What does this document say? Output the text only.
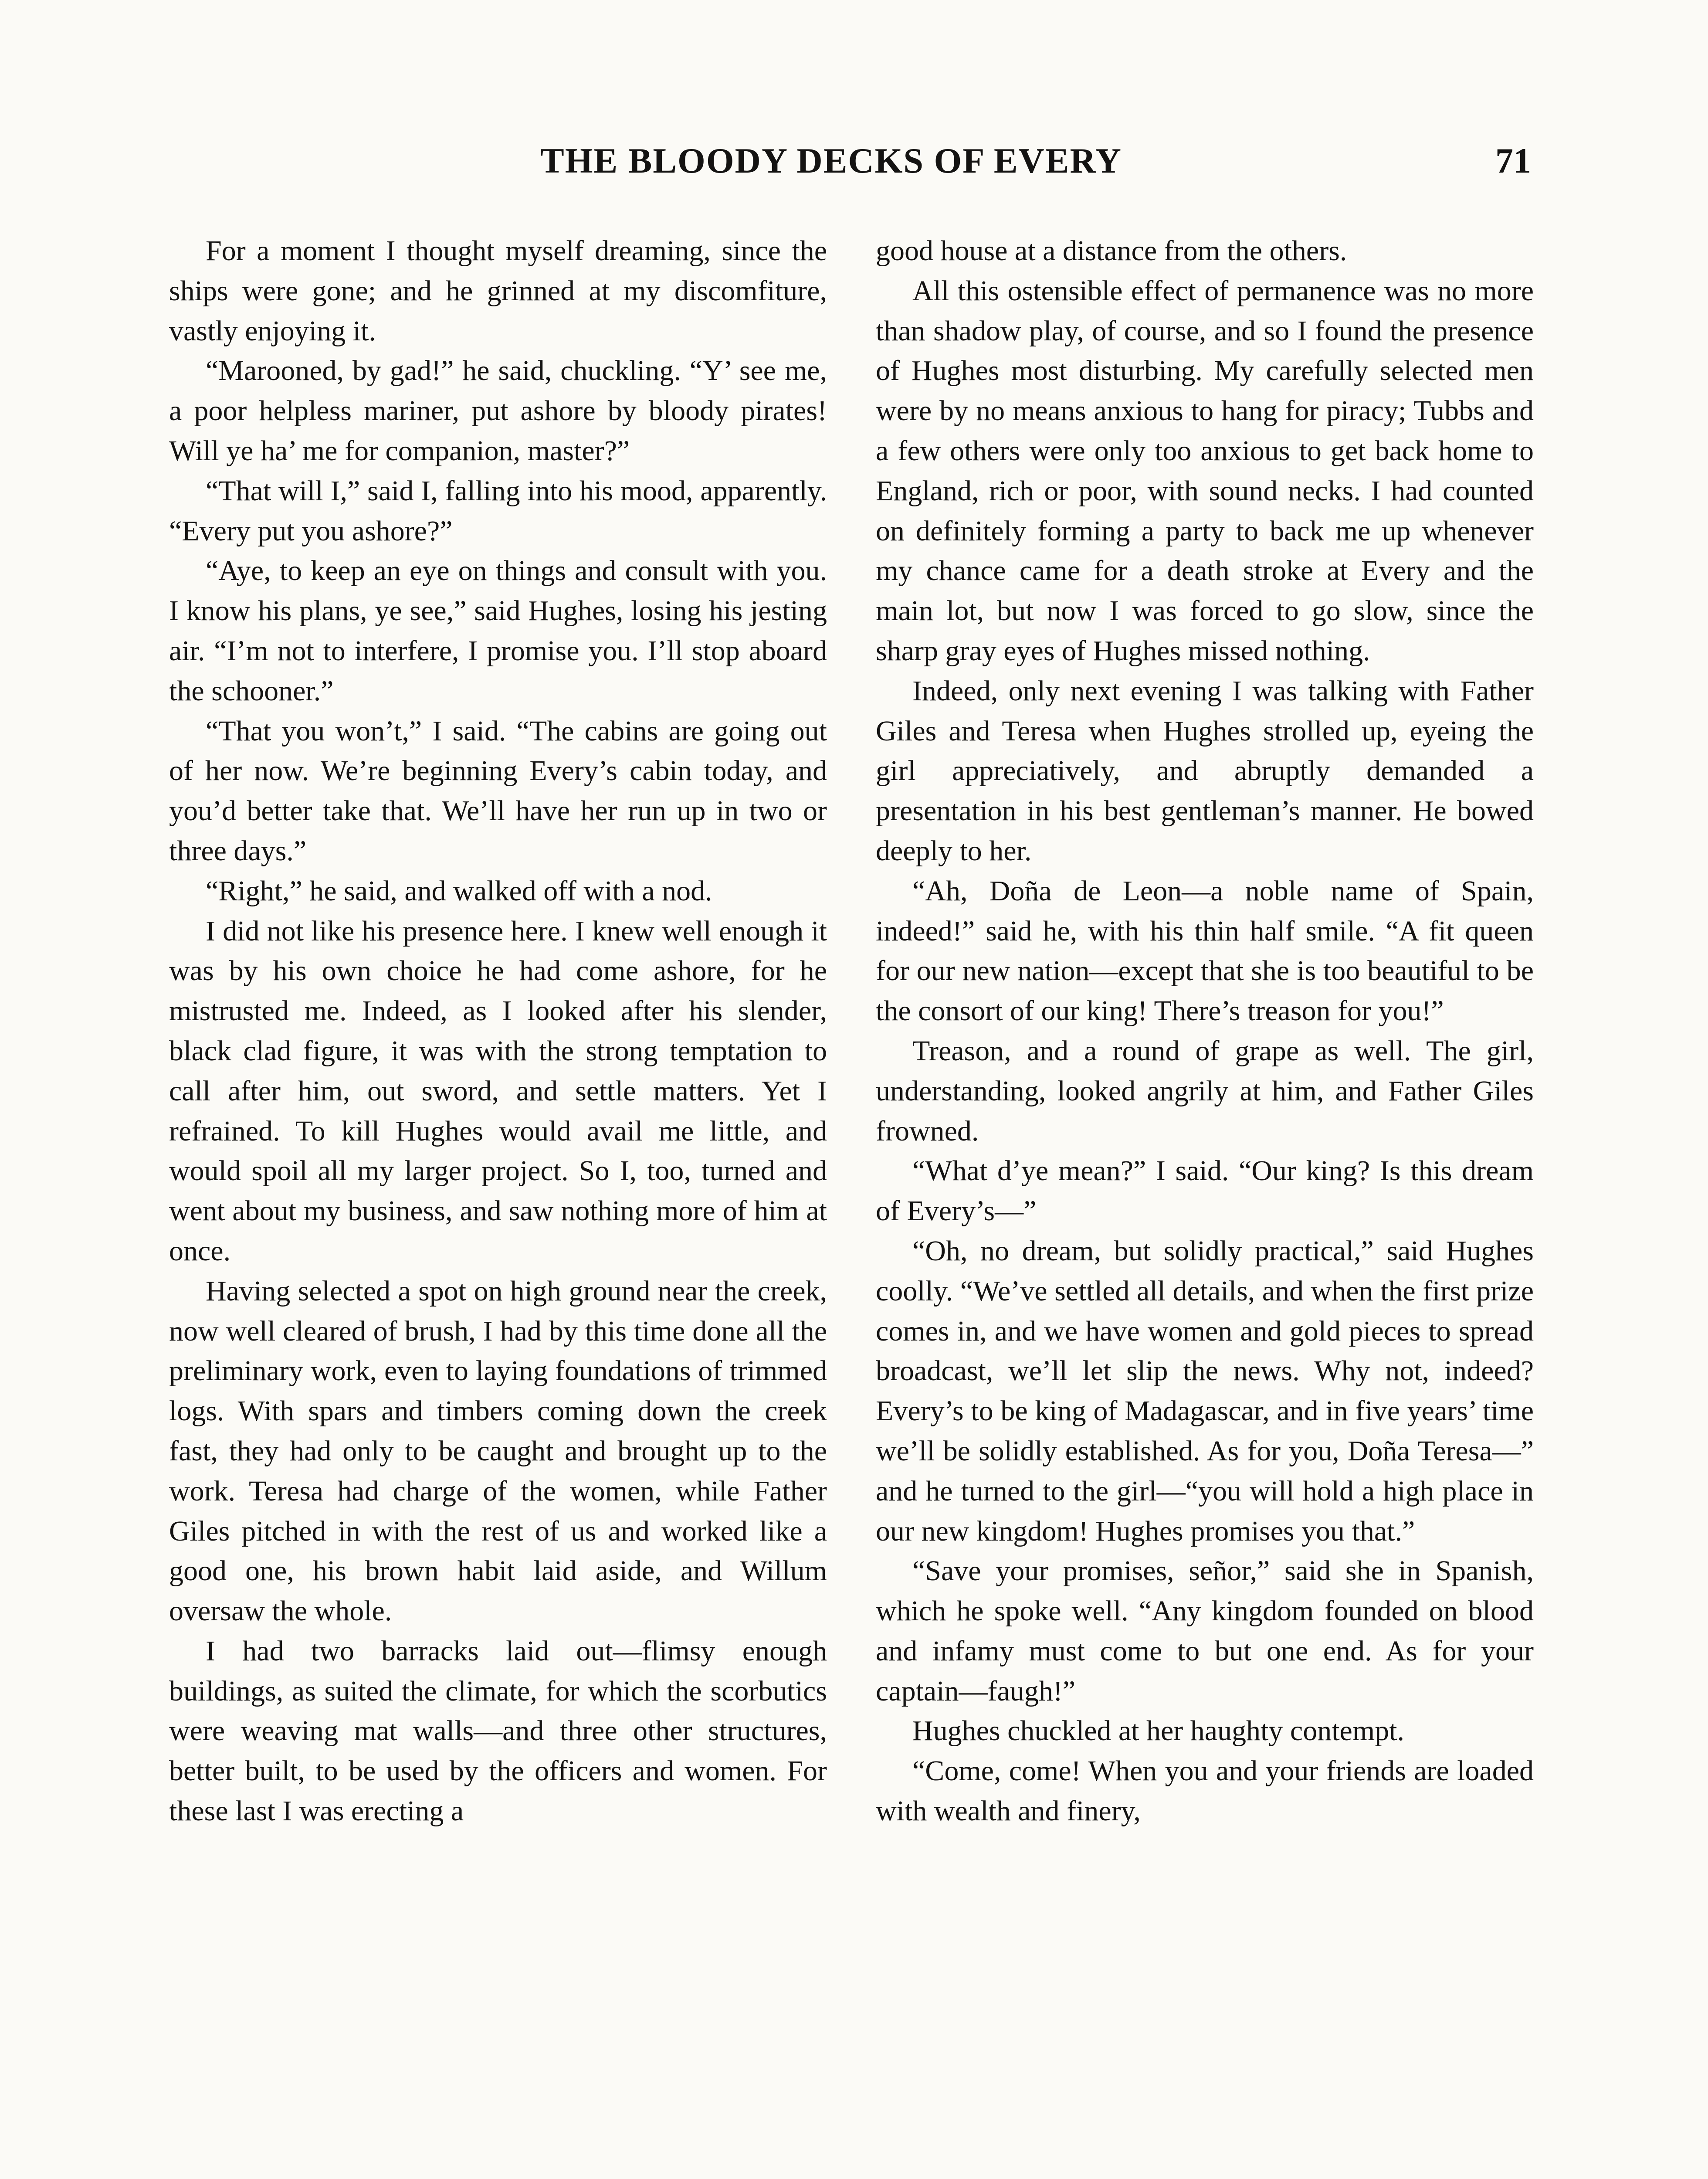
THE BLOODY DECKS OF EVERY	71

For a moment I thought myself dreaming, since the ships were gone; and he grinned at my discomfiture, vastly enjoying it.

“Marooned, by gad!” he said, chuckling. “Y’ see me, a poor helpless mariner, put ashore by bloody pirates! Will ye ha’ me for companion, master?”

“That will I,” said I, falling into his mood, apparently. “Every put you ashore?”

“Aye, to keep an eye on things and consult with you. I know his plans, ye see,” said Hughes, losing his jesting air. “I’m not to interfere, I promise you. I’ll stop aboard the schooner.”

“That you won’t,” I said. “The cabins are going out of her now. We’re beginning Every’s cabin today, and you’d better take that. We’ll have her run up in two or three days.”

“Right,” he said, and walked off with a nod.

I did not like his presence here. I knew well enough it was by his own choice he had come ashore, for he mistrusted me. Indeed, as I looked after his slender, black clad figure, it was with the strong temptation to call after him, out sword, and settle matters. Yet I refrained. To kill Hughes would avail me little, and would spoil all my larger project. So I, too, turned and went about my business, and saw nothing more of him at once.

Having selected a spot on high ground near the creek, now well cleared of brush, I had by this time done all the preliminary work, even to laying foundations of trimmed logs. With spars and timbers coming down the creek fast, they had only to be caught and brought up to the work. Teresa had charge of the women, while Father Giles pitched in with the rest of us and worked like a good one, his brown habit laid aside, and Willum oversaw the whole.

I had two barracks laid out—flimsy enough buildings, as suited the climate, for which the scorbutics were weaving mat walls—and three other structures, better built, to be used by the officers and women. For these last I was erecting a

good house at a distance from the others.

All this ostensible effect of permanence was no more than shadow play, of course, and so I found the presence of Hughes most disturbing. My carefully selected men were by no means anxious to hang for piracy; Tubbs and a few others were only too anxious to get back home to England, rich or poor, with sound necks. I had counted on definitely forming a party to back me up whenever my chance came for a death stroke at Every and the main lot, but now I was forced to go slow, since the sharp gray eyes of Hughes missed nothing.

Indeed, only next evening I was talking with Father Giles and Teresa when Hughes strolled up, eyeing the girl appreciatively, and abruptly demanded a presentation in his best gentleman’s manner. He bowed deeply to her.

“Ah, Doña de Leon—a noble name of Spain, indeed!” said he, with his thin half smile. “A fit queen for our new nation—except that she is too beautiful to be the consort of our king! There’s treason for you!”

Treason, and a round of grape as well. The girl, understanding, looked angrily at him, and Father Giles frowned.

“What d’ye mean?” I said. “Our king? Is this dream of Every’s—”

“Oh, no dream, but solidly practical,” said Hughes coolly. “We’ve settled all details, and when the first prize comes in, and we have women and gold pieces to spread broadcast, we’ll let slip the news. Why not, indeed? Every’s to be king of Madagascar, and in five years’ time we’ll be solidly established. As for you, Doña Teresa—” and he turned to the girl—“you will hold a high place in our new kingdom! Hughes promises you that.”

“Save your promises, señor,” said she in Spanish, which he spoke well. “Any kingdom founded on blood and infamy must come to but one end. As for your captain—faugh!”

Hughes chuckled at her haughty contempt.

“Come, come! When you and your friends are loaded with wealth and finery,
